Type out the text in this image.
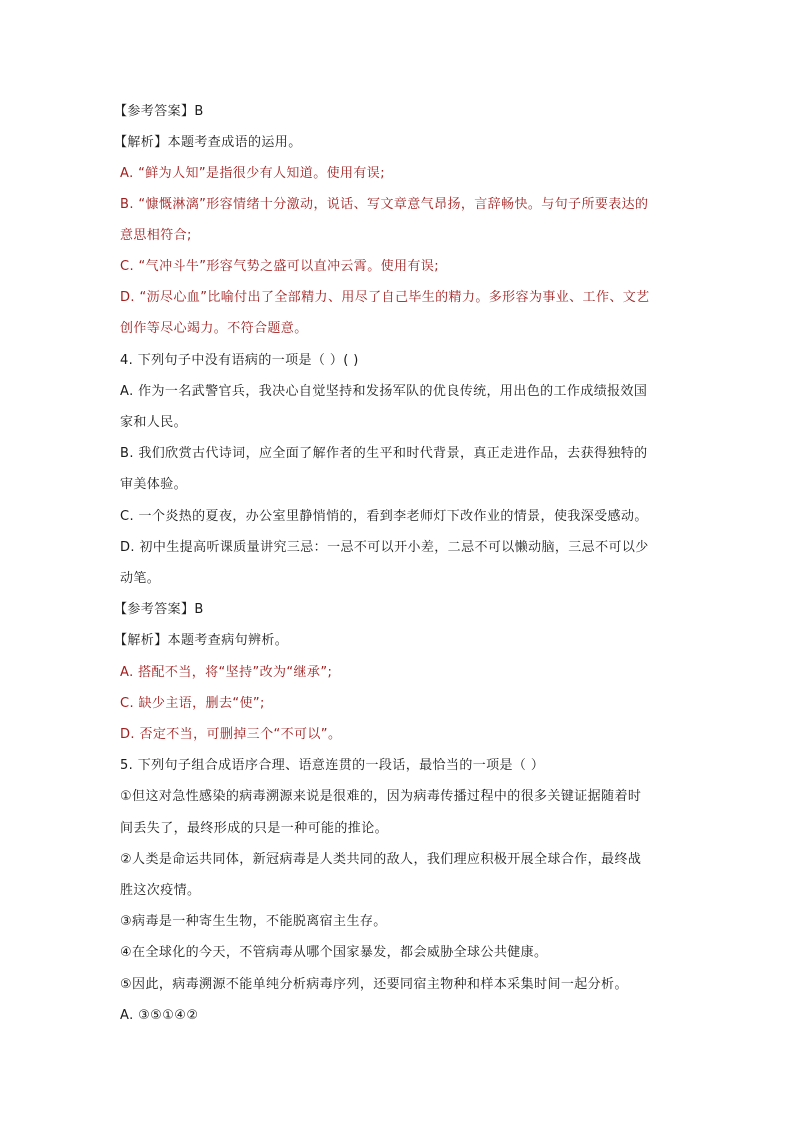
【参考答案】B
【解析】本题考查成语的运用。
A. “鲜为人知”是指很少有人知道。使用有误;
B. “慷慨淋漓”形容情绪十分激动，说话、写文章意气昂扬，言辞畅快。与句子所要表达的
意思相符合;
C. “气冲斗牛”形容气势之盛可以直冲云霄。使用有误;
D. “沥尽心血”比喻付出了全部精力、用尽了自己毕生的精力。多形容为事业、工作、文艺
创作等尽心竭力。不符合题意。
4. 下列句子中没有语病的一项是（ ）( )
A. 作为一名武警官兵，我决心自觉坚持和发扬军队的优良传统，用出色的工作成绩报效国
家和人民。
B. 我们欣赏古代诗词，应全面了解作者的生平和时代背景，真正走进作品，去获得独特的
审美体验。
C. 一个炎热的夏夜，办公室里静悄悄的，看到李老师灯下改作业的情景，使我深受感动。
D. 初中生提高听课质量讲究三忌：一忌不可以开小差，二忌不可以懒动脑，三忌不可以少
动笔。
【参考答案】B
【解析】本题考查病句辨析。
A. 搭配不当，将“坚持”改为“继承”;
C. 缺少主语，删去“使”;
D. 否定不当，可删掉三个“不可以”。
5. 下列句子组合成语序合理、语意连贯的一段话，最恰当的一项是（ ）
①但这对急性感染的病毒溯源来说是很难的，因为病毒传播过程中的很多关键证据随着时
间丢失了，最终形成的只是一种可能的推论。
②人类是命运共同体，新冠病毒是人类共同的敌人，我们理应积极开展全球合作，最终战
胜这次疫情。
③病毒是一种寄生生物，不能脱离宿主生存。
④在全球化的今天，不管病毒从哪个国家暴发，都会威胁全球公共健康。
⑤因此，病毒溯源不能单纯分析病毒序列，还要同宿主物种和样本采集时间一起分析。
A. ③⑤①④②
